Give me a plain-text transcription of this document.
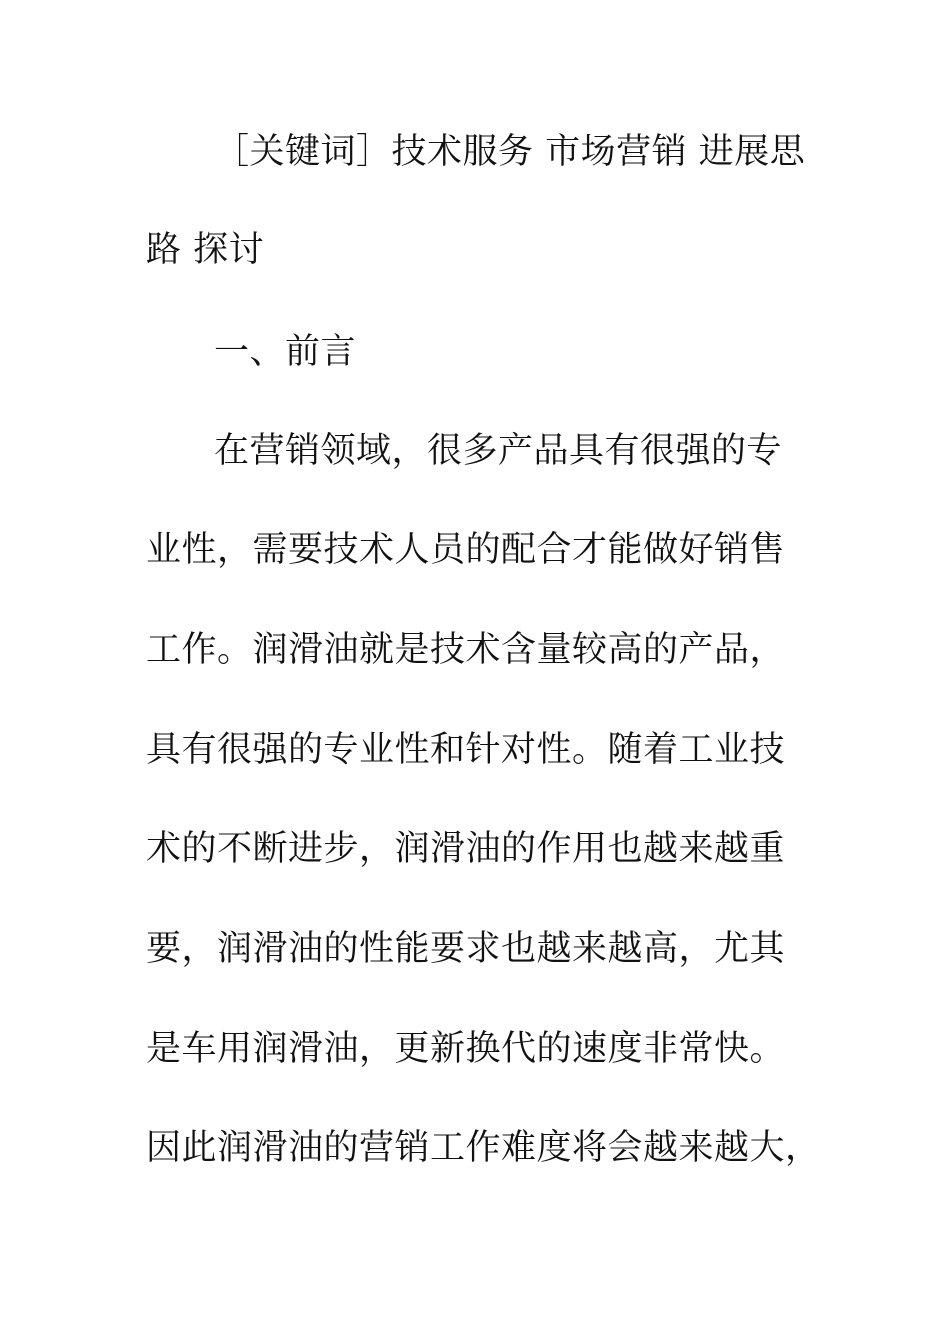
［关键词］技术服务 市场营销 进展思
路 探讨
一、前言
在营销领域，很多产品具有很强的专
业性，需要技术人员的配合才能做好销售
工作。润滑油就是技术含量较高的产品，
具有很强的专业性和针对性。随着工业技
术的不断进步，润滑油的作用也越来越重
要，润滑油的性能要求也越来越高，尤其
是车用润滑油，更新换代的速度非常快。
因此润滑油的营销工作难度将会越来越大，
